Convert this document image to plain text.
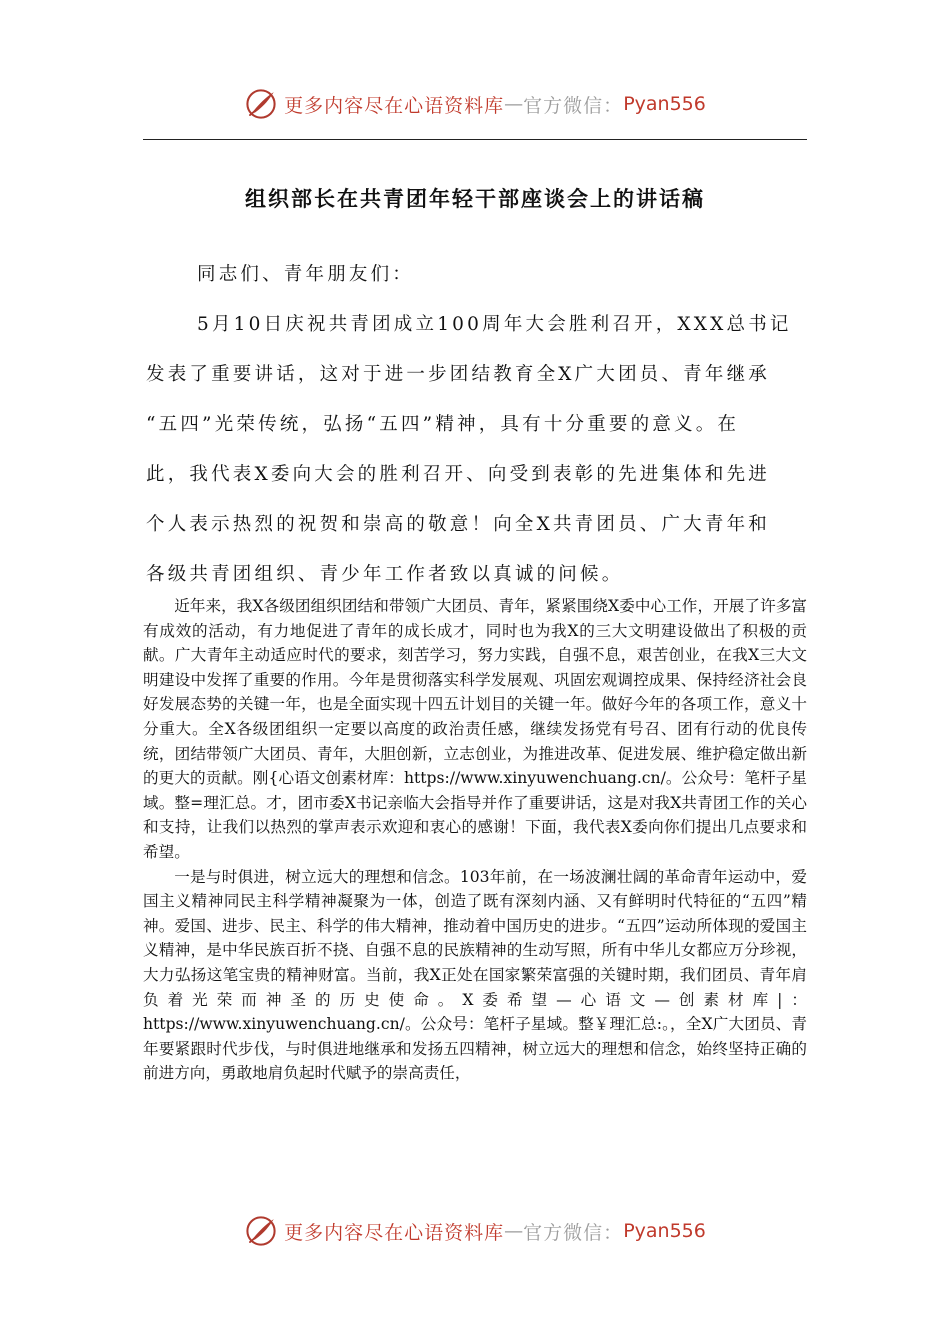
更多内容尽在心语资料库 — 官方微信： Pyan556
组织部长在共青团年轻干部座谈会上的讲话稿
同志们、青年朋友们：
5月10日庆祝共青团成立100周年大会胜利召开，XXX总书记
发表了重要讲话，这对于进一步团结教育全X广大团员、青年继承
“五四”光荣传统，弘扬“五四”精神，具有十分重要的意义。在
此，我代表X委向大会的胜利召开、向受到表彰的先进集体和先进
个人表示热烈的祝贺和崇高的敬意！向全X共青团员、广大青年和
各级共青团组织、青少年工作者致以真诚的问候。

近年来，我X各级团组织团结和带领广大团员、青年，紧紧围绕X委中心工作，开展了许多富有成效的活动，有力地促进了青年的成长成才，同时也为我X的三大文明建设做出了积极的贡献。广大青年主动适应时代的要求，刻苦学习，努力实践，自强不息，艰苦创业，在我X三大文明建设中发挥了重要的作用。今年是贯彻落实科学发展观、巩固宏观调控成果、保持经济社会良好发展态势的关键一年，也是全面实现十四五计划目的关键一年。做好今年的各项工作，意义十分重大。全X各级团组织一定要以高度的政治责任感，继续发扬党有号召、团有行动的优良传统，团结带领广大团员、青年，大胆创新，立志创业，为推进改革、促进发展、维护稳定做出新的更大的贡献。刚{心语文创素材库：https://www.xinyuwenchuang.cn/。公众号：笔杆子星域。整=理汇总。才，团市委X书记亲临大会指导并作了重要讲话，这是对我X共青团工作的关心和支持，让我们以热烈的掌声表示欢迎和衷心的感谢！下面，我代表X委向你们提出几点要求和希望。

一是与时俱进，树立远大的理想和信念。103年前，在一场波澜壮阔的革命青年运动中，爱国主义精神同民主科学精神凝聚为一体，创造了既有深刻内涵、又有鲜明时代特征的“五四”精神。爱国、进步、民主、科学的伟大精神，推动着中国历史的进步。“五四”运动所体现的爱国主义精神，是中华民族百折不挠、自强不息的民族精神的生动写照，所有中华儿女都应万分珍视，大力弘扬这笔宝贵的精神财富。当前，我X正处在国家繁荣富强的关键时期，我们团员、青年肩负着光荣而神圣的历史使命。X委希望—心语文—创素材库|：https://www.xinyuwenchuang.cn/。公众号：笔杆子星域。整￥理汇总:。，全X广大团员、青年要紧跟时代步伐，与时俱进地继承和发扬五四精神，树立远大的理想和信念，始终坚持正确的前进方向，勇敢地肩负起时代赋予的崇高责任，

更多内容尽在心语资料库 — 官方微信： Pyan556
